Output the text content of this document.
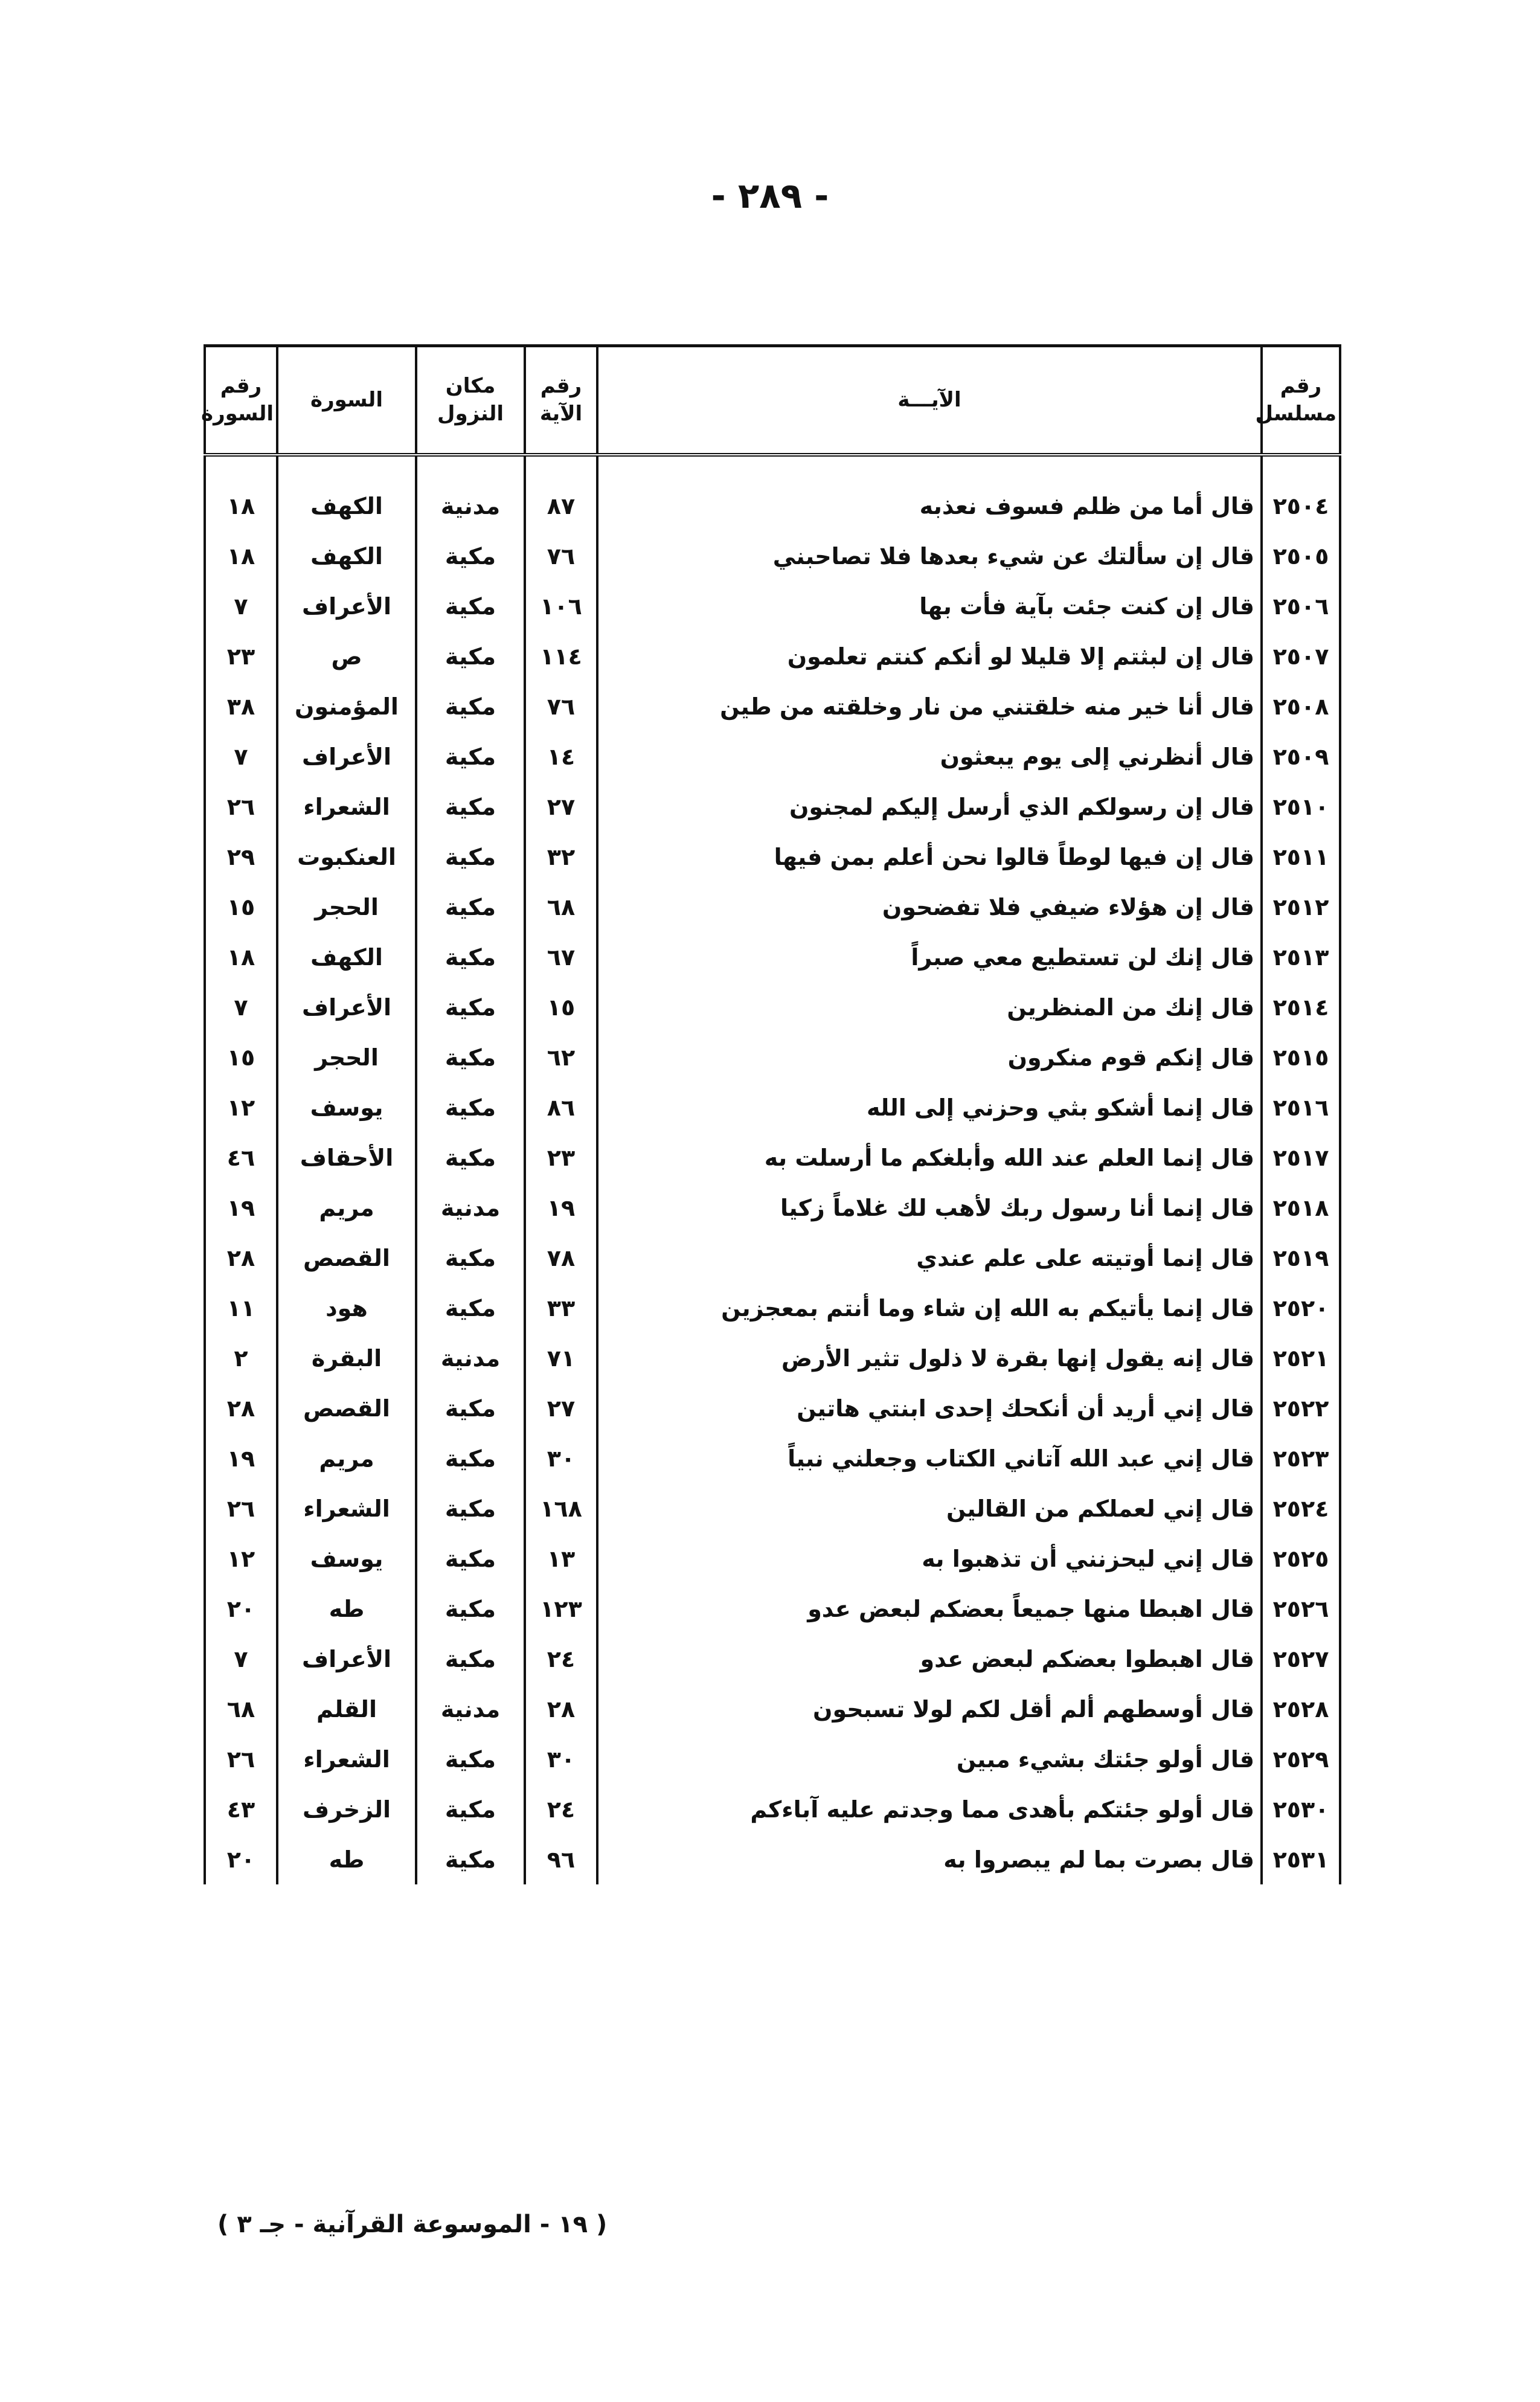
- ٢٨٩ -
رقم السورة	السورة	مكان النزول	رقم الآية	الآيـــة	رقم مسلسل

١٨	الكهف	مدنية	٨٧	قال أما من ظلم فسوف نعذبه	٢٥٠٤
١٨	الكهف	مكية	٧٦	قال إن سألتك عن شيء بعدها فلا تصاحبني	٢٥٠٥
٧	الأعراف	مكية	١٠٦	قال إن كنت جئت بآية فأت بها	٢٥٠٦
٢٣	ص	مكية	١١٤	قال إن لبثتم إلا قليلا لو أنكم كنتم تعلمون	٢٥٠٧
٣٨	المؤمنون	مكية	٧٦	قال أنا خير منه خلقتني من نار وخلقته من طين	٢٥٠٨
٧	الأعراف	مكية	١٤	قال أنظرني إلى يوم يبعثون	٢٥٠٩
٢٦	الشعراء	مكية	٢٧	قال إن رسولكم الذي أرسل إليكم لمجنون	٢٥١٠
٢٩	العنكبوت	مكية	٣٢	قال إن فيها لوطاً قالوا نحن أعلم بمن فيها	٢٥١١
١٥	الحجر	مكية	٦٨	قال إن هؤلاء ضيفي فلا تفضحون	٢٥١٢
١٨	الكهف	مكية	٦٧	قال إنك لن تستطيع معي صبراً	٢٥١٣
٧	الأعراف	مكية	١٥	قال إنك من المنظرين	٢٥١٤
١٥	الحجر	مكية	٦٢	قال إنكم قوم منكرون	٢٥١٥
١٢	يوسف	مكية	٨٦	قال إنما أشكو بثي وحزني إلى الله	٢٥١٦
٤٦	الأحقاف	مكية	٢٣	قال إنما العلم عند الله وأبلغكم ما أرسلت به	٢٥١٧
١٩	مريم	مدنية	١٩	قال إنما أنا رسول ربك لأهب لك غلاماً زكيا	٢٥١٨
٢٨	القصص	مكية	٧٨	قال إنما أوتيته على علم عندي	٢٥١٩
١١	هود	مكية	٣٣	قال إنما يأتيكم به الله إن شاء وما أنتم بمعجزين	٢٥٢٠
٢	البقرة	مدنية	٧١	قال إنه يقول إنها بقرة لا ذلول تثير الأرض	٢٥٢١
٢٨	القصص	مكية	٢٧	قال إني أريد أن أنكحك إحدى ابنتي هاتين	٢٥٢٢
١٩	مريم	مكية	٣٠	قال إني عبد الله آتاني الكتاب وجعلني نبياً	٢٥٢٣
٢٦	الشعراء	مكية	١٦٨	قال إني لعملكم من القالين	٢٥٢٤
١٢	يوسف	مكية	١٣	قال إني ليحزنني أن تذهبوا به	٢٥٢٥
٢٠	طه	مكية	١٢٣	قال اهبطا منها جميعاً بعضكم لبعض عدو	٢٥٢٦
٧	الأعراف	مكية	٢٤	قال اهبطوا بعضكم لبعض عدو	٢٥٢٧
٦٨	القلم	مدنية	٢٨	قال أوسطهم ألم أقل لكم لولا تسبحون	٢٥٢٨
٢٦	الشعراء	مكية	٣٠	قال أولو جئتك بشيء مبين	٢٥٢٩
٤٣	الزخرف	مكية	٢٤	قال أولو جئتكم بأهدى مما وجدتم عليه آباءكم	٢٥٣٠
٢٠	طه	مكية	٩٦	قال بصرت بما لم يبصروا به	٢٥٣١
( ١٩ - الموسوعة القرآنية - جـ ٣ )
